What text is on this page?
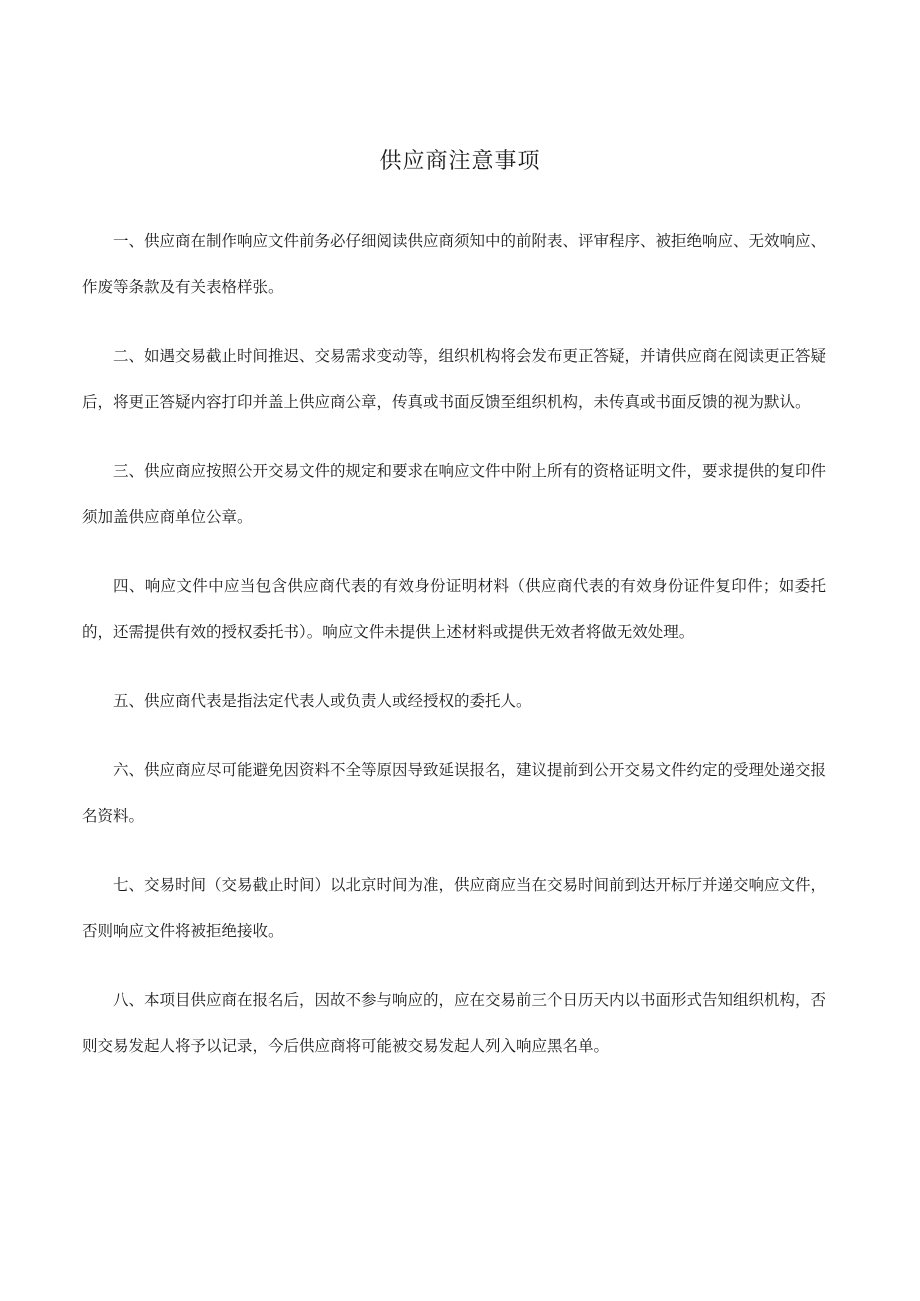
供应商注意事项

一、供应商在制作响应文件前务必仔细阅读供应商须知中的前附表、评审程序、被拒绝响应、无效响应、作废等条款及有关表格样张。

二、如遇交易截止时间推迟、交易需求变动等，组织机构将会发布更正答疑，并请供应商在阅读更正答疑后，将更正答疑内容打印并盖上供应商公章，传真或书面反馈至组织机构，未传真或书面反馈的视为默认。

三、供应商应按照公开交易文件的规定和要求在响应文件中附上所有的资格证明文件，要求提供的复印件须加盖供应商单位公章。

四、响应文件中应当包含供应商代表的有效身份证明材料（供应商代表的有效身份证件复印件；如委托的，还需提供有效的授权委托书）。响应文件未提供上述材料或提供无效者将做无效处理。

五、供应商代表是指法定代表人或负责人或经授权的委托人。

六、供应商应尽可能避免因资料不全等原因导致延误报名，建议提前到公开交易文件约定的受理处递交报名资料。

七、交易时间（交易截止时间）以北京时间为准，供应商应当在交易时间前到达开标厅并递交响应文件，否则响应文件将被拒绝接收。

八、本项目供应商在报名后，因故不参与响应的，应在交易前三个日历天内以书面形式告知组织机构，否则交易发起人将予以记录，今后供应商将可能被交易发起人列入响应黑名单。
